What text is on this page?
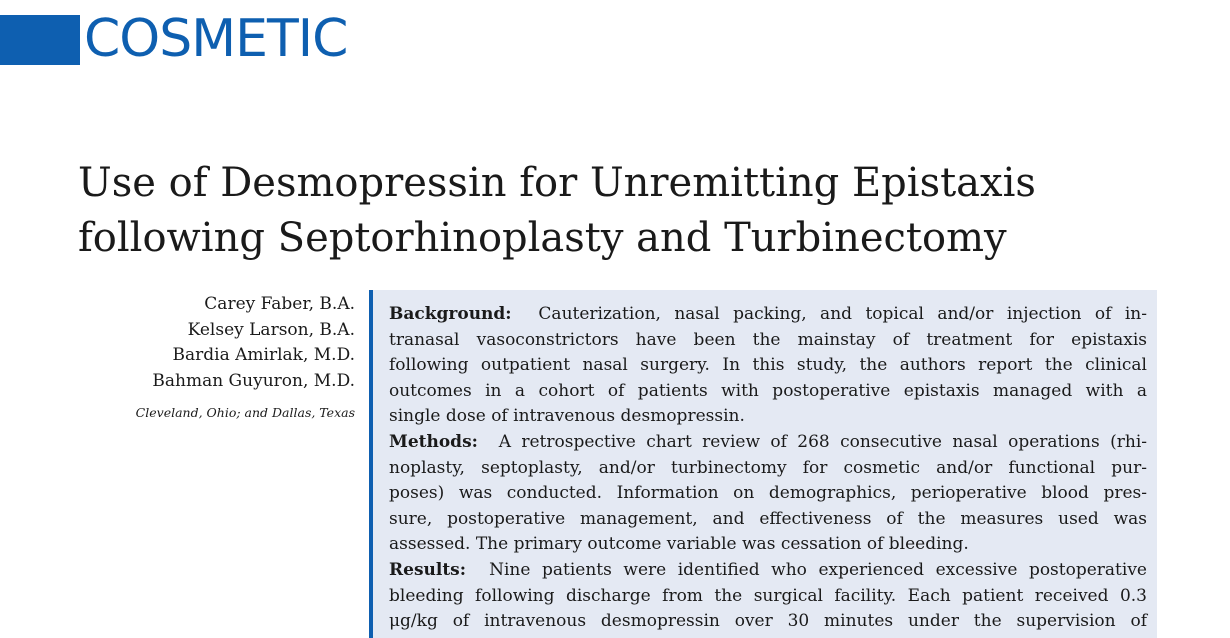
COSMETIC
Use of Desmopressin for Unremitting Epistaxis
following Septorhinoplasty and Turbinectomy
Carey Faber, B.A.
Kelsey Larson, B.A.
Bardia Amirlak, M.D.
Bahman Guyuron, M.D.
Cleveland, Ohio; and Dallas, Texas
Background: Cauterization, nasal packing, and topical and/or injection of in-
tranasal vasoconstrictors have been the mainstay of treatment for epistaxis
following outpatient nasal surgery. In this study, the authors report the clinical
outcomes in a cohort of patients with postoperative epistaxis managed with a
single dose of intravenous desmopressin.
Methods: A retrospective chart review of 268 consecutive nasal operations (rhi-
noplasty, septoplasty, and/or turbinectomy for cosmetic and/or functional pur-
poses) was conducted. Information on demographics, perioperative blood pres-
sure, postoperative management, and effectiveness of the measures used was
assessed. The primary outcome variable was cessation of bleeding.
Results: Nine patients were identified who experienced excessive postoperative
bleeding following discharge from the surgical facility. Each patient received 0.3
μg/kg of intravenous desmopressin over 30 minutes under the supervision of
